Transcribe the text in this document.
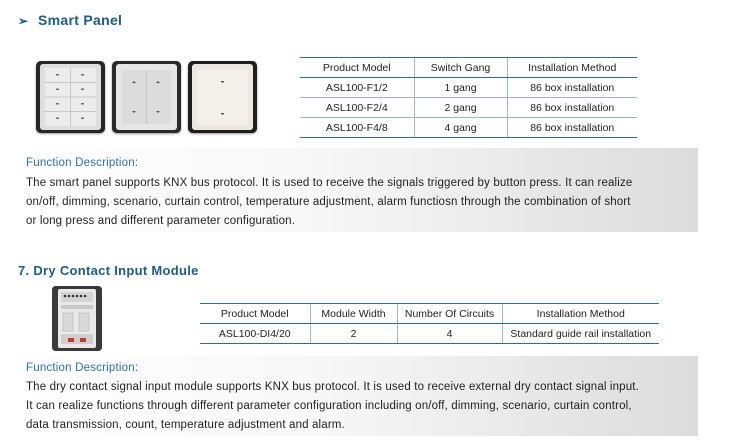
➢ Smart Panel
Product Model	Switch Gang	Installation Method
ASL100-F1/2	1 gang	86 box installation
ASL100-F2/4	2 gang	86 box installation
ASL100-F4/8	4 gang	86 box installation
Function Description:
The smart panel supports KNX bus protocol. It is used to receive the signals triggered by button press. It can realize
on/off, dimming, scenario, curtain control, temperature adjustment, alarm functiosn through the combination of short
or long press and different parameter configuration.
7. Dry Contact Input Module
Product Model	Module Width	Number Of Circuits	Installation Method
ASL100-DI4/20	2	4	Standard guide rail installation
Function Description:
The dry contact signal input module supports KNX bus protocol. It is used to receive external dry contact signal input.
It can realize functions through different parameter configuration including on/off, dimming, scenario, curtain control,
data transmission, count, temperature adjustment and alarm.
